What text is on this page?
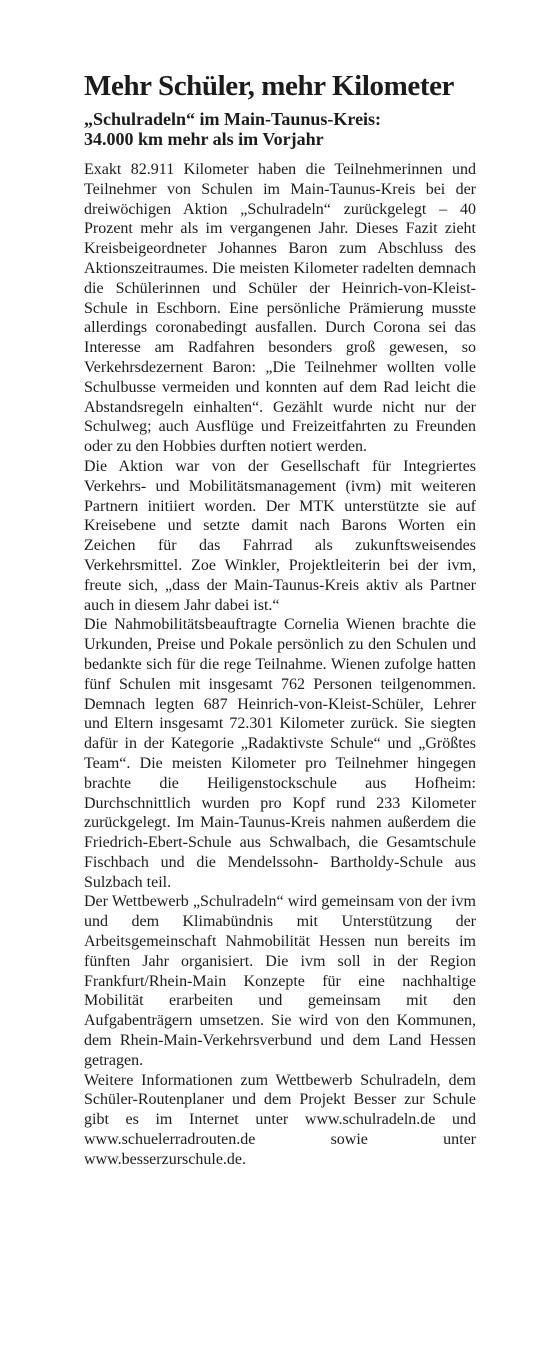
Mehr Schüler, mehr Kilometer
„Schulradeln“ im Main-Taunus-Kreis:
34.000 km mehr als im Vorjahr

Exakt 82.911 Kilometer haben die Teilnehmerinnen und Teilnehmer von Schulen im Main-Taunus-Kreis bei der dreiwöchigen Aktion „Schulradeln“ zurückgelegt – 40 Prozent mehr als im vergangenen Jahr. Dieses Fazit zieht Kreisbeigeordneter Johannes Baron zum Abschluss des Aktionszeitraumes. Die meisten Kilometer radelten demnach die Schülerinnen und Schüler der Heinrich-von-Kleist-Schule in Eschborn. Eine persönliche Prämierung musste allerdings coronabedingt ausfallen. Durch Corona sei das Interesse am Radfahren besonders groß gewesen, so Verkehrsdezernent Baron: „Die Teilnehmer wollten volle Schulbusse vermeiden und konnten auf dem Rad leicht die Abstandsregeln einhalten“. Gezählt wurde nicht nur der Schulweg; auch Ausflüge und Freizeitfahrten zu Freunden oder zu den Hobbies durften notiert werden.

Die Aktion war von der Gesellschaft für Integriertes Verkehrs- und Mobilitätsmanagement (ivm) mit weiteren Partnern initiiert worden. Der MTK unterstützte sie auf Kreisebene und setzte damit nach Barons Worten ein Zeichen für das Fahrrad als zukunftsweisendes Verkehrsmittel. Zoe Winkler, Projektleiterin bei der ivm, freute sich, „dass der Main-Taunus-Kreis aktiv als Partner auch in diesem Jahr dabei ist.“

Die Nahmobilitätsbeauftragte Cornelia Wienen brachte die Urkunden, Preise und Pokale persönlich zu den Schulen und bedankte sich für die rege Teilnahme. Wienen zufolge hatten fünf Schulen mit insgesamt 762 Personen teilgenommen. Demnach legten 687 Heinrich-von-Kleist-Schüler, Lehrer und Eltern insgesamt 72.301 Kilometer zurück. Sie siegten dafür in der Kategorie „Radaktivste Schule“ und „Größtes Team“. Die meisten Kilometer pro Teilnehmer hingegen brachte die Heiligenstockschule aus Hofheim: Durchschnittlich wurden pro Kopf rund 233 Kilometer zurückgelegt. Im Main-Taunus-Kreis nahmen außerdem die Friedrich-Ebert-Schule aus Schwalbach, die Gesamtschule Fischbach und die Mendelssohn- Bartholdy-Schule aus Sulzbach teil.

Der Wettbewerb „Schulradeln“ wird gemeinsam von der ivm und dem Klimabündnis mit Unterstützung der Arbeitsgemeinschaft Nahmobilität Hessen nun bereits im fünften Jahr organisiert. Die ivm soll in der Region Frankfurt/Rhein-Main Konzepte für eine nachhaltige Mobilität erarbeiten und gemeinsam mit den Aufgabenträgern umsetzen. Sie wird von den Kommunen, dem Rhein-Main-Verkehrsverbund und dem Land Hessen getragen.

Weitere Informationen zum Wettbewerb Schulradeln, dem Schüler-Routenplaner und dem Projekt Besser zur Schule gibt es im Internet unter www.schulradeln.de und www.schuelerradrouten.de sowie unter www.besserzurschule.de.
